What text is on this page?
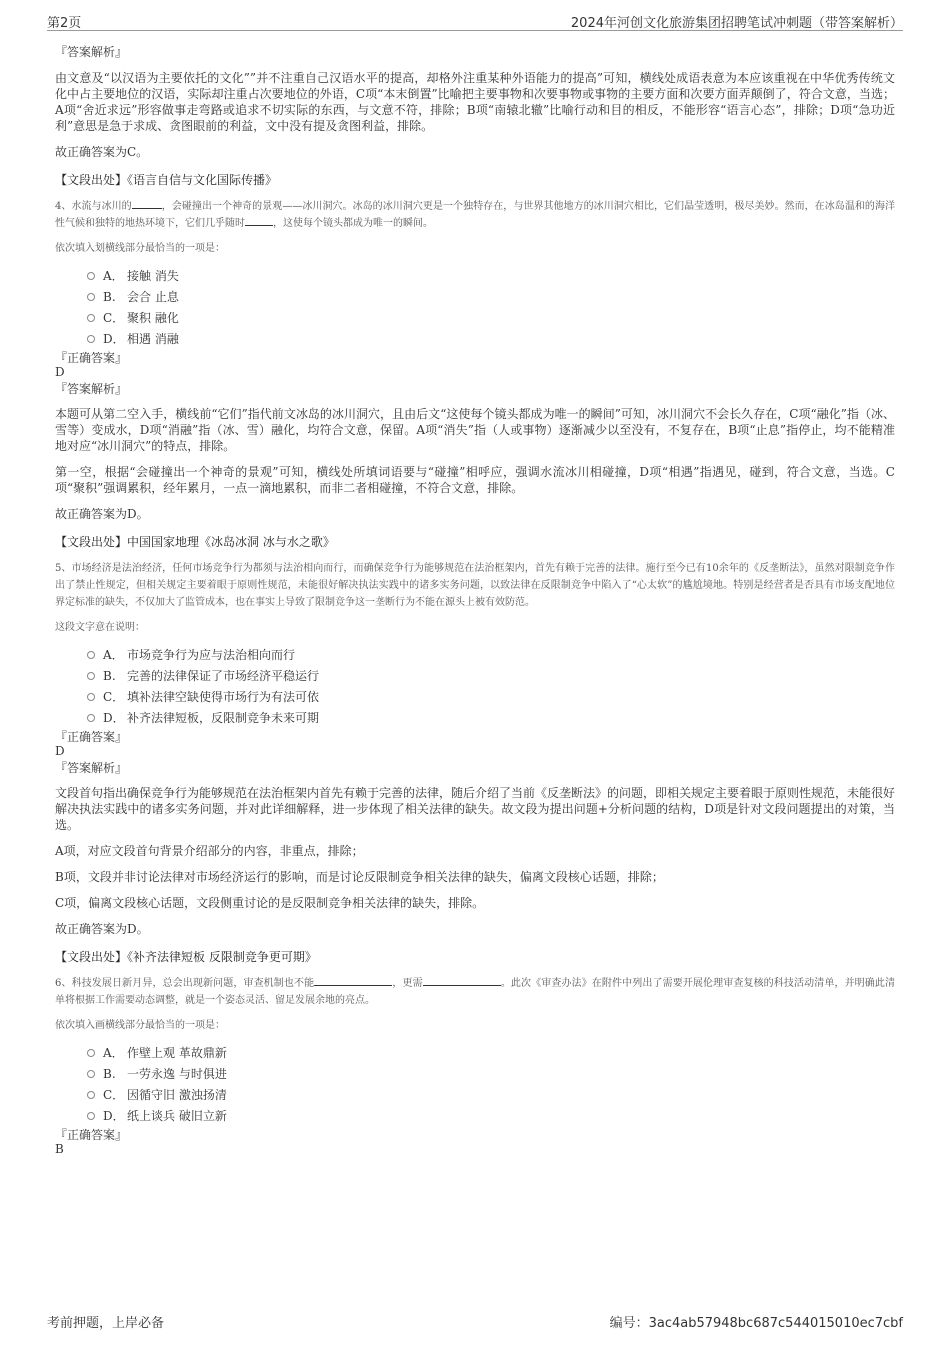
第2页	2024年河创文化旅游集团招聘笔试冲刺题（带答案解析）
『答案解析』
由文意及“以汉语为主要依托的文化””并不注重自己汉语水平的提高，却格外注重某种外语能力的提高”可知，横线处成语表意为本应该重视在中华优秀传统文化中占主要地位的汉语，实际却注重占次要地位的外语，C项“本末倒置”比喻把主要事物和次要事物或事物的主要方面和次要方面弄颠倒了，符合文意，当选；A项“舍近求远”形容做事走弯路或追求不切实际的东西，与文意不符，排除；B项“南辕北辙”比喻行动和目的相反，不能形容“语言心态”，排除；D项“急功近利”意思是急于求成、贪图眼前的利益，文中没有提及贪图利益，排除。
故正确答案为C。
【文段出处】《语言自信与文化国际传播》
4、水流与冰川的	，会碰撞出一个神奇的景观——冰川洞穴。冰岛的冰川洞穴更是一个独特存在，与世界其他地方的冰川洞穴相比，它们晶莹透明，极尽美妙。然而，在冰岛温和的海洋性气候和独特的地热环境下，它们几乎随时	，这使每个镜头都成为唯一的瞬间。
依次填入划横线部分最恰当的一项是：
A． 接触 消失
B. 会合 止息
C． 聚积 融化
D． 相遇 消融
『正确答案』
D
『答案解析』
本题可从第二空入手，横线前“它们”指代前文冰岛的冰川洞穴，且由后文“这使每个镜头都成为唯一的瞬间”可知，冰川洞穴不会长久存在，C项“融化”指（冰、雪等）变成水，D项“消融”指（冰、雪）融化，均符合文意，保留。A项“消失”指（人或事物）逐渐减少以至没有，不复存在，B项“止息”指停止，均不能精准地对应“冰川洞穴”的特点，排除。
第一空，根据“会碰撞出一个神奇的景观”可知，横线处所填词语要与“碰撞”相呼应，强调水流冰川相碰撞，D项“相遇”指遇见，碰到，符合文意，当选。C项“聚积”强调累积，经年累月，一点一滴地累积，而非二者相碰撞，不符合文意，排除。
故正确答案为D。
【文段出处】中国国家地理《冰岛冰洞 冰与水之歌》
5、市场经济是法治经济，任何市场竞争行为都须与法治相向而行，而确保竞争行为能够规范在法治框架内，首先有赖于完善的法律。施行至今已有10余年的《反垄断法》，虽然对限制竞争作出了禁止性规定，但相关规定主要着眼于原则性规范，未能很好解决执法实践中的诸多实务问题，以致法律在反限制竞争中陷入了“心太软”的尴尬境地。特别是经营者是否具有市场支配地位界定标准的缺失，不仅加大了监管成本，也在事实上导致了限制竞争这一垄断行为不能在源头上被有效防范。
这段文字意在说明：
A． 市场竞争行为应与法治相向而行
B. 完善的法律保证了市场经济平稳运行
C． 填补法律空缺使得市场行为有法可依
D． 补齐法律短板，反限制竞争未来可期
『正确答案』
D
『答案解析』
文段首句指出确保竞争行为能够规范在法治框架内首先有赖于完善的法律，随后介绍了当前《反垄断法》的问题，即相关规定主要着眼于原则性规范，未能很好解决执法实践中的诸多实务问题，并对此详细解释，进一步体现了相关法律的缺失。故文段为提出问题+分析问题的结构，D项是针对文段问题提出的对策，当选。
A项，对应文段首句背景介绍部分的内容，非重点，排除；
B项，文段并非讨论法律对市场经济运行的影响，而是讨论反限制竞争相关法律的缺失，偏离文段核心话题，排除；
C项，偏离文段核心话题，文段侧重讨论的是反限制竞争相关法律的缺失，排除。
故正确答案为D。
【文段出处】《补齐法律短板 反限制竞争更可期》
6、科技发展日新月异，总会出现新问题，审查机制也不能	，更需	。此次《审查办法》在附件中列出了需要开展伦理审查复核的科技活动清单，并明确此清单将根据工作需要动态调整，就是一个姿态灵活、留足发展余地的亮点。
依次填入画横线部分最恰当的一项是：
A． 作壁上观 革故鼎新
B. 一劳永逸 与时俱进
C． 因循守旧 激浊扬清
D． 纸上谈兵 破旧立新
『正确答案』
B
考前押题，上岸必备	编号：3ac4ab57948bc687c544015010ec7cbf
